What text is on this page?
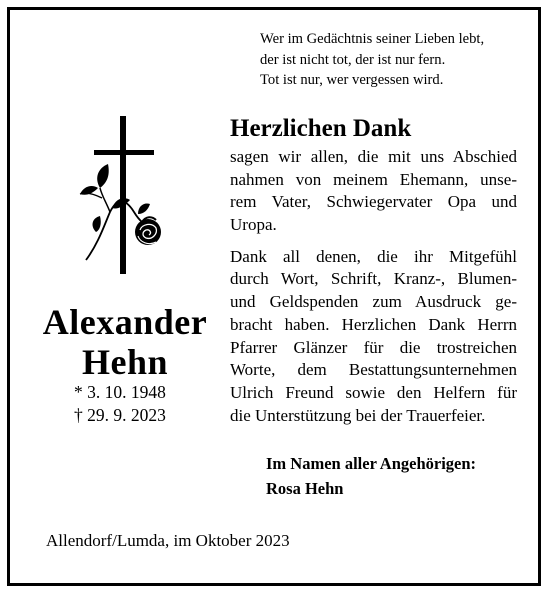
Wer im Gedächtnis seiner Lieben lebt,
der ist nicht tot, der ist nur fern.
Tot ist nur, wer vergessen wird.
Alexander
Hehn
* 3. 10. 1948
† 29. 9. 2023
Herzlichen Dank
sagen wir allen, die mit uns Abschied
nahmen von meinem Ehemann, unse-
rem Vater, Schwiegervater Opa und
Uropa.
Dank all denen, die ihr Mitgefühl
durch Wort, Schrift, Kranz-, Blumen-
und Geldspenden zum Ausdruck ge-
bracht haben. Herzlichen Dank Herrn
Pfarrer Glänzer für die trostreichen
Worte, dem Bestattungsunternehmen
Ulrich Freund sowie den Helfern für
die Unterstützung bei der Trauerfeier.
Im Namen aller Angehörigen:
Rosa Hehn
Allendorf/Lumda, im Oktober 2023
